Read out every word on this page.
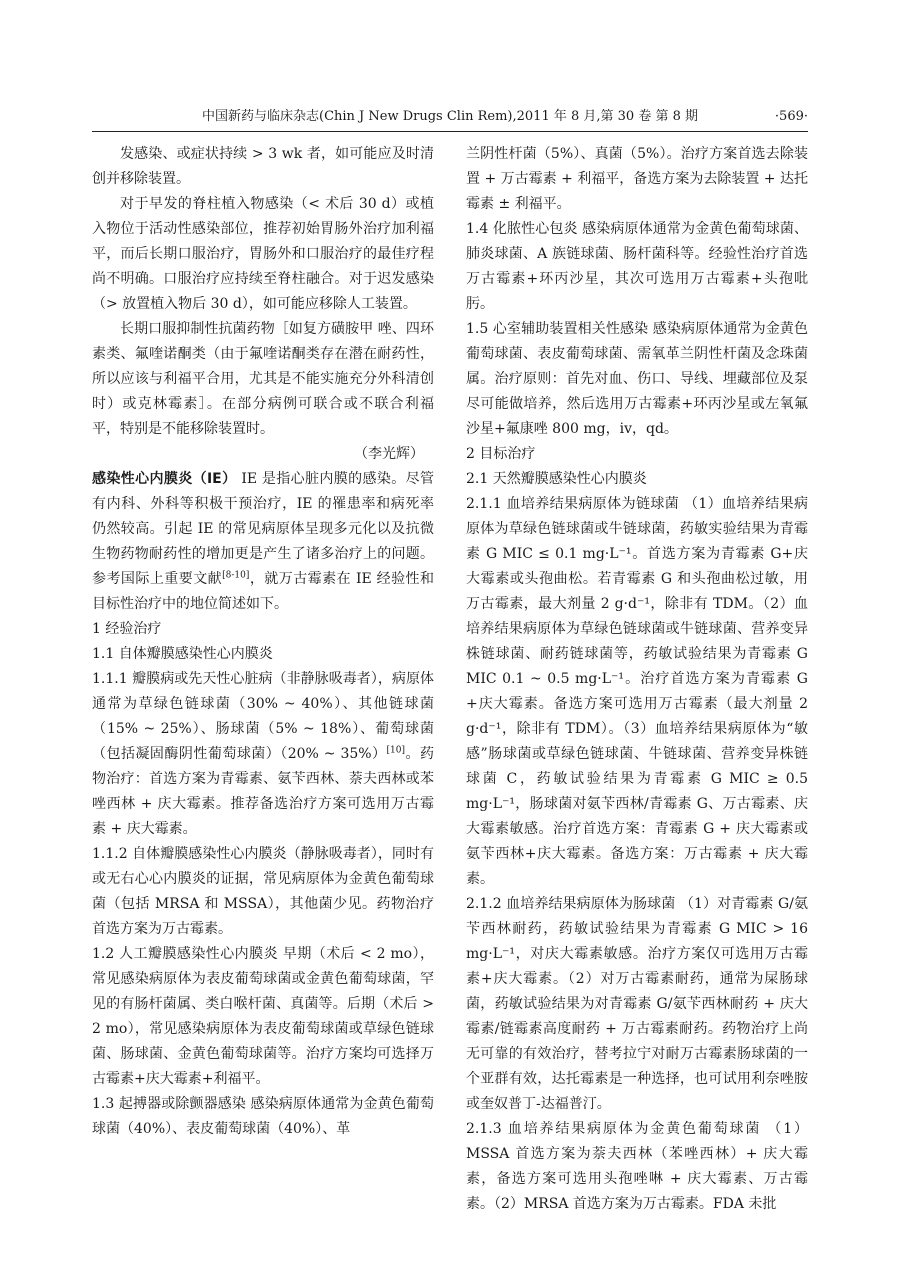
中国新药与临床杂志(Chin J New Drugs Clin Rem),2011 年 8 月,第 30 卷 第 8 期	·569·

发感染、或症状持续 > 3 wk 者，如可能应及时清创并移除装置。

对于早发的脊柱植入物感染（< 术后 30 d）或植入物位于活动性感染部位，推荐初始胃肠外治疗加利福平，而后长期口服治疗，胃肠外和口服治疗的最佳疗程尚不明确。口服治疗应持续至脊柱融合。对于迟发感染（> 放置植入物后 30 d），如可能应移除人工装置。

长期口服抑制性抗菌药物［如复方磺胺甲 唑、四环素类、氟喹诺酮类（由于氟喹诺酮类存在潜在耐药性，所以应该与利福平合用，尤其是不能实施充分外科清创时）或克林霉素］。在部分病例可联合或不联合利福平，特别是不能移除装置时。

（李光辉）

感染性心内膜炎（IE） IE 是指心脏内膜的感染。尽管有内科、外科等积极干预治疗，IE 的罹患率和病死率仍然较高。引起 IE 的常见病原体呈现多元化以及抗微生物药物耐药性的增加更是产生了诸多治疗上的问题。参考国际上重要文献[8-10]，就万古霉素在 IE 经验性和目标性治疗中的地位简述如下。

1 经验治疗

1.1 自体瓣膜感染性心内膜炎

1.1.1 瓣膜病或先天性心脏病（非静脉吸毒者），病原体通常为草绿色链球菌（30% ~ 40%）、其他链球菌（15% ~ 25%）、肠球菌（5% ~ 18%）、葡萄球菌（包括凝固酶阴性葡萄球菌）（20% ~ 35%）[10]。药物治疗：首选方案为青霉素、氨苄西林、萘夫西林或苯唑西林 + 庆大霉素。推荐备选治疗方案可选用万古霉素 + 庆大霉素。

1.1.2 自体瓣膜感染性心内膜炎（静脉吸毒者），同时有或无右心心内膜炎的证据，常见病原体为金黄色葡萄球菌（包括 MRSA 和 MSSA），其他菌少见。药物治疗首选方案为万古霉素。

1.2 人工瓣膜感染性心内膜炎 早期（术后 < 2 mo），常见感染病原体为表皮葡萄球菌或金黄色葡萄球菌，罕见的有肠杆菌属、类白喉杆菌、真菌等。后期（术后 > 2 mo），常见感染病原体为表皮葡萄球菌或草绿色链球菌、肠球菌、金黄色葡萄球菌等。治疗方案均可选择万古霉素+庆大霉素+利福平。

1.3 起搏器或除颤器感染 感染病原体通常为金黄色葡萄球菌（40%）、表皮葡萄球菌（40%）、革

兰阴性杆菌（5%）、真菌（5%）。治疗方案首选去除装置 + 万古霉素 + 利福平，备选方案为去除装置 + 达托霉素 ± 利福平。

1.4 化脓性心包炎 感染病原体通常为金黄色葡萄球菌、肺炎球菌、A 族链球菌、肠杆菌科等。经验性治疗首选万古霉素+环丙沙星，其次可选用万古霉素+头孢吡肟。

1.5 心室辅助装置相关性感染 感染病原体通常为金黄色葡萄球菌、表皮葡萄球菌、需氧革兰阴性杆菌及念珠菌属。治疗原则：首先对血、伤口、导线、埋藏部位及泵尽可能做培养，然后选用万古霉素+环丙沙星或左氧氟沙星+氟康唑 800 mg，iv，qd。

2 目标治疗

2.1 天然瓣膜感染性心内膜炎

2.1.1 血培养结果病原体为链球菌 （1）血培养结果病原体为草绿色链球菌或牛链球菌，药敏实验结果为青霉素 G MIC ≤ 0.1 mg·L⁻¹。首选方案为青霉素 G+庆大霉素或头孢曲松。若青霉素 G 和头孢曲松过敏，用万古霉素，最大剂量 2 g·d⁻¹，除非有 TDM。（2）血培养结果病原体为草绿色链球菌或牛链球菌、营养变异株链球菌、耐药链球菌等，药敏试验结果为青霉素 G MIC 0.1 ~ 0.5 mg·L⁻¹。治疗首选方案为青霉素 G +庆大霉素。备选方案可选用万古霉素（最大剂量 2 g·d⁻¹，除非有 TDM）。（3）血培养结果病原体为“敏感”肠球菌或草绿色链球菌、牛链球菌、营养变异株链球菌 C，药敏试验结果为青霉素 G MIC ≥ 0.5 mg·L⁻¹，肠球菌对氨苄西林/青霉素 G、万古霉素、庆大霉素敏感。治疗首选方案：青霉素 G + 庆大霉素或氨苄西林+庆大霉素。备选方案：万古霉素 + 庆大霉素。

2.1.2 血培养结果病原体为肠球菌 （1）对青霉素 G/氨苄西林耐药，药敏试验结果为青霉素 G MIC > 16 mg·L⁻¹，对庆大霉素敏感。治疗方案仅可选用万古霉素+庆大霉素。（2）对万古霉素耐药，通常为屎肠球菌，药敏试验结果为对青霉素 G/氨苄西林耐药 + 庆大霉素/链霉素高度耐药 + 万古霉素耐药。药物治疗上尚无可靠的有效治疗，替考拉宁对耐万古霉素肠球菌的一个亚群有效，达托霉素是一种选择，也可试用利奈唑胺或奎奴普丁-达福普汀。

2.1.3 血培养结果病原体为金黄色葡萄球菌 （1）MSSA 首选方案为萘夫西林（苯唑西林）+ 庆大霉素，备选方案可选用头孢唑啉 + 庆大霉素、万古霉素。（2）MRSA 首选方案为万古霉素。FDA 未批
